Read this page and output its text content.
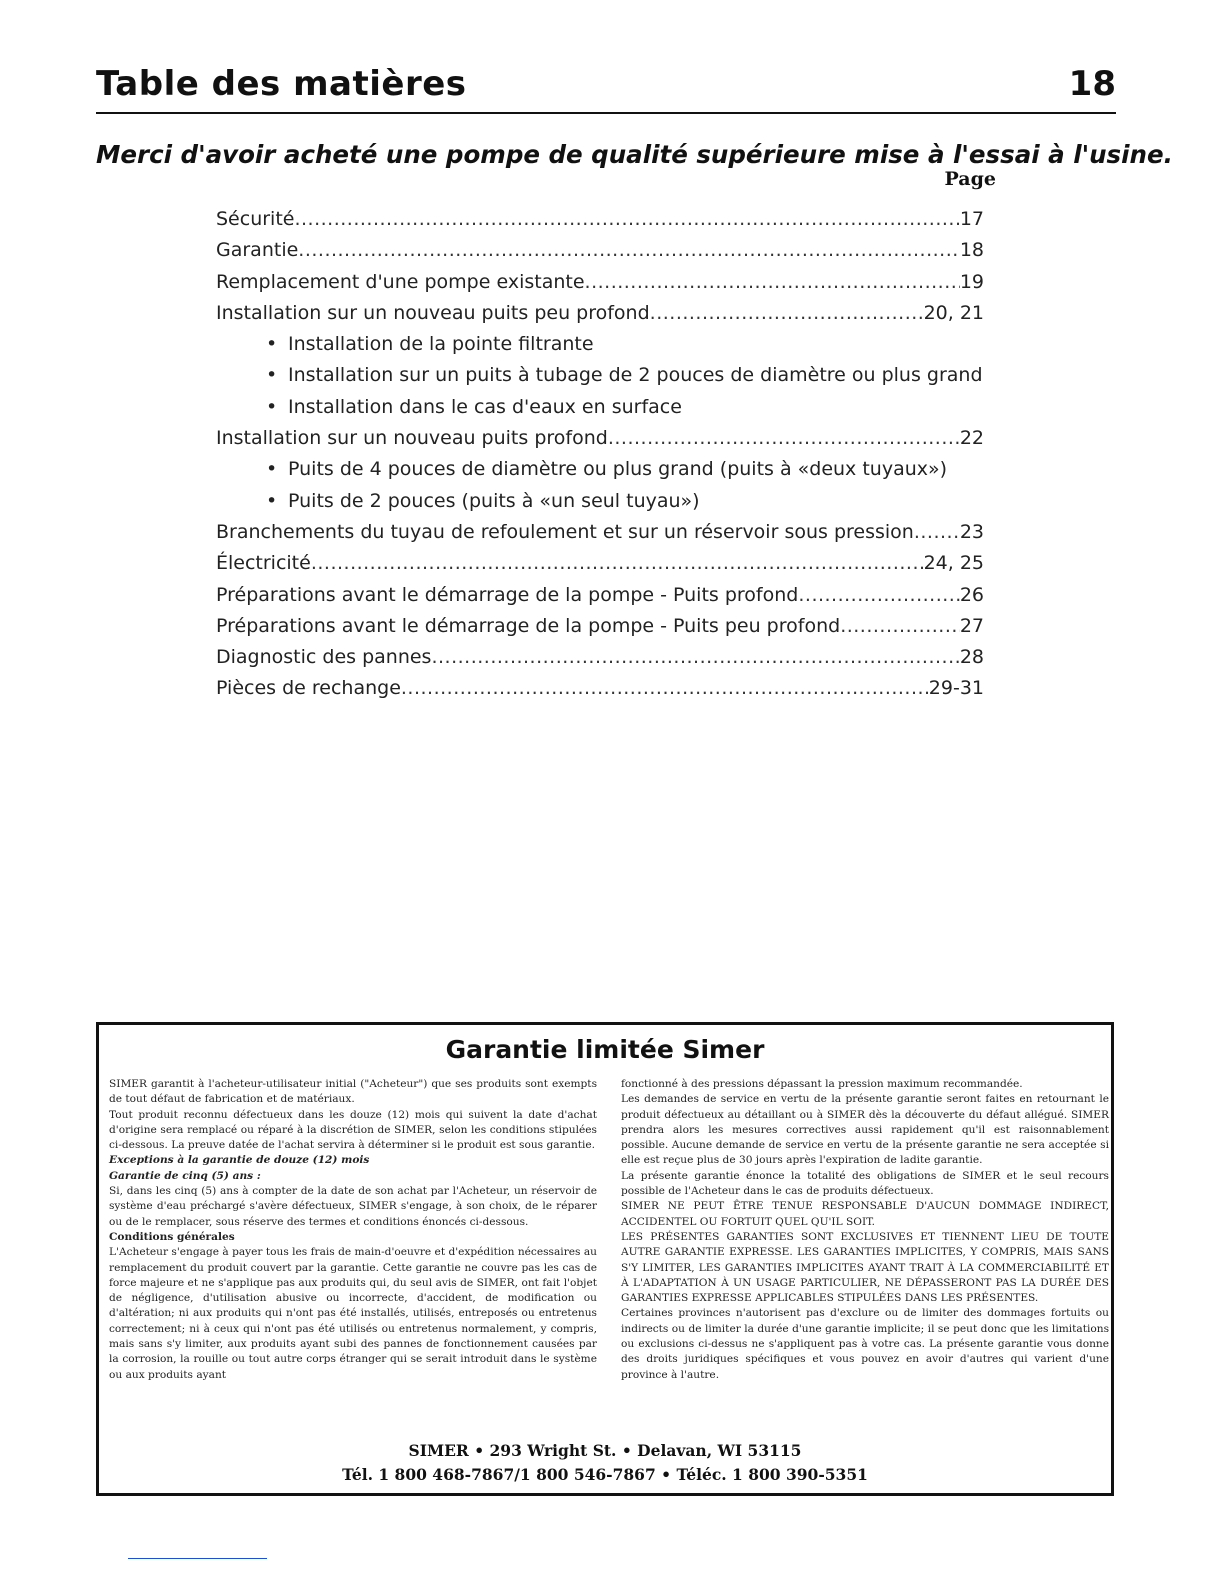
Table des matières	18
Merci d'avoir acheté une pompe de qualité supérieure mise à l'essai à l'usine.
Page
Sécurité .....	17
Garantie .....	18
Remplacement d'une pompe existante .....	19
Installation sur un nouveau puits peu profond .....	20, 21
• Installation de la pointe filtrante
• Installation sur un puits à tubage de 2 pouces de diamètre ou plus grand
• Installation dans le cas d'eaux en surface
Installation sur un nouveau puits profond .....	22
• Puits de 4 pouces de diamètre ou plus grand (puits à «deux tuyaux»)
• Puits de 2 pouces (puits à «un seul tuyau»)
Branchements du tuyau de refoulement et sur un réservoir sous pression ..... 23
Électricité .....	24, 25
Préparations avant le démarrage de la pompe - Puits profond .....	26
Préparations avant le démarrage de la pompe - Puits peu profond .....	27
Diagnostic des pannes .....	28
Pièces de rechange .....	29-31
Garantie limitée Simer

SIMER garantit à l'acheteur-utilisateur initial ("Acheteur") que ses produits sont exempts de tout défaut de fabrication et de matériaux.

Tout produit reconnu défectueux dans les douze (12) mois qui suivent la date d'achat d'origine sera remplacé ou réparé à la discrétion de SIMER, selon les conditions stipulées ci-dessous. La preuve datée de l'achat servira à déterminer si le produit est sous garantie.

Exceptions à la garantie de douze (12) mois

Garantie de cinq (5) ans :

Si, dans les cinq (5) ans à compter de la date de son achat par l'Acheteur, un réservoir de système d'eau préchargé s'avère défectueux, SIMER s'engage, à son choix, de le réparer ou de le remplacer, sous réserve des termes et conditions énoncés ci-dessous.

Conditions générales

L'Acheteur s'engage à payer tous les frais de main-d'oeuvre et d'expédition nécessaires au remplacement du produit couvert par la garantie. Cette garantie ne couvre pas les cas de force majeure et ne s'applique pas aux produits qui, du seul avis de SIMER, ont fait l'objet de négligence, d'utilisation abusive ou incorrecte, d'accident, de modification ou d'altération; ni aux produits qui n'ont pas été installés, utilisés, entreposés ou entretenus correctement; ni à ceux qui n'ont pas été utilisés ou entretenus normalement, y compris, mais sans s'y limiter, aux produits ayant subi des pannes de fonctionnement causées par la corrosion, la rouille ou tout autre corps étranger qui se serait introduit dans le système ou aux produits ayant

fonctionné à des pressions dépassant la pression maximum recommandée.

Les demandes de service en vertu de la présente garantie seront faites en retournant le produit défectueux au détaillant ou à SIMER dès la découverte du défaut allégué. SIMER prendra alors les mesures correctives aussi rapidement qu'il est raisonnablement possible. Aucune demande de service en vertu de la présente garantie ne sera acceptée si elle est reçue plus de 30 jours après l'expiration de ladite garantie.

La présente garantie énonce la totalité des obligations de SIMER et le seul recours possible de l'Acheteur dans le cas de produits défectueux.

SIMER NE PEUT ÊTRE TENUE RESPONSABLE D'AUCUN DOMMAGE INDIRECT, ACCIDENTEL OU FORTUIT QUEL QU'IL SOIT.

LES PRÉSENTES GARANTIES SONT EXCLUSIVES ET TIENNENT LIEU DE TOUTE AUTRE GARANTIE EXPRESSE. LES GARANTIES IMPLICITES, Y COMPRIS, MAIS SANS S'Y LIMITER, LES GARANTIES IMPLICITES AYANT TRAIT À LA COMMERCIABILITÉ ET À L'ADAPTATION À UN USAGE PARTICULIER, NE DÉPASSERONT PAS LA DURÉE DES GARANTIES EXPRESSE APPLICABLES STIPULÉES DANS LES PRÉSENTES.

Certaines provinces n'autorisent pas d'exclure ou de limiter des dommages fortuits ou indirects ou de limiter la durée d'une garantie implicite; il se peut donc que les limitations ou exclusions ci-dessus ne s'appliquent pas à votre cas. La présente garantie vous donne des droits juridiques spécifiques et vous pouvez en avoir d'autres qui varient d'une province à l'autre.

SIMER • 293 Wright St. • Delavan, WI 53115
Tél. 1 800 468-7867/1 800 546-7867 • Téléc. 1 800 390-5351
